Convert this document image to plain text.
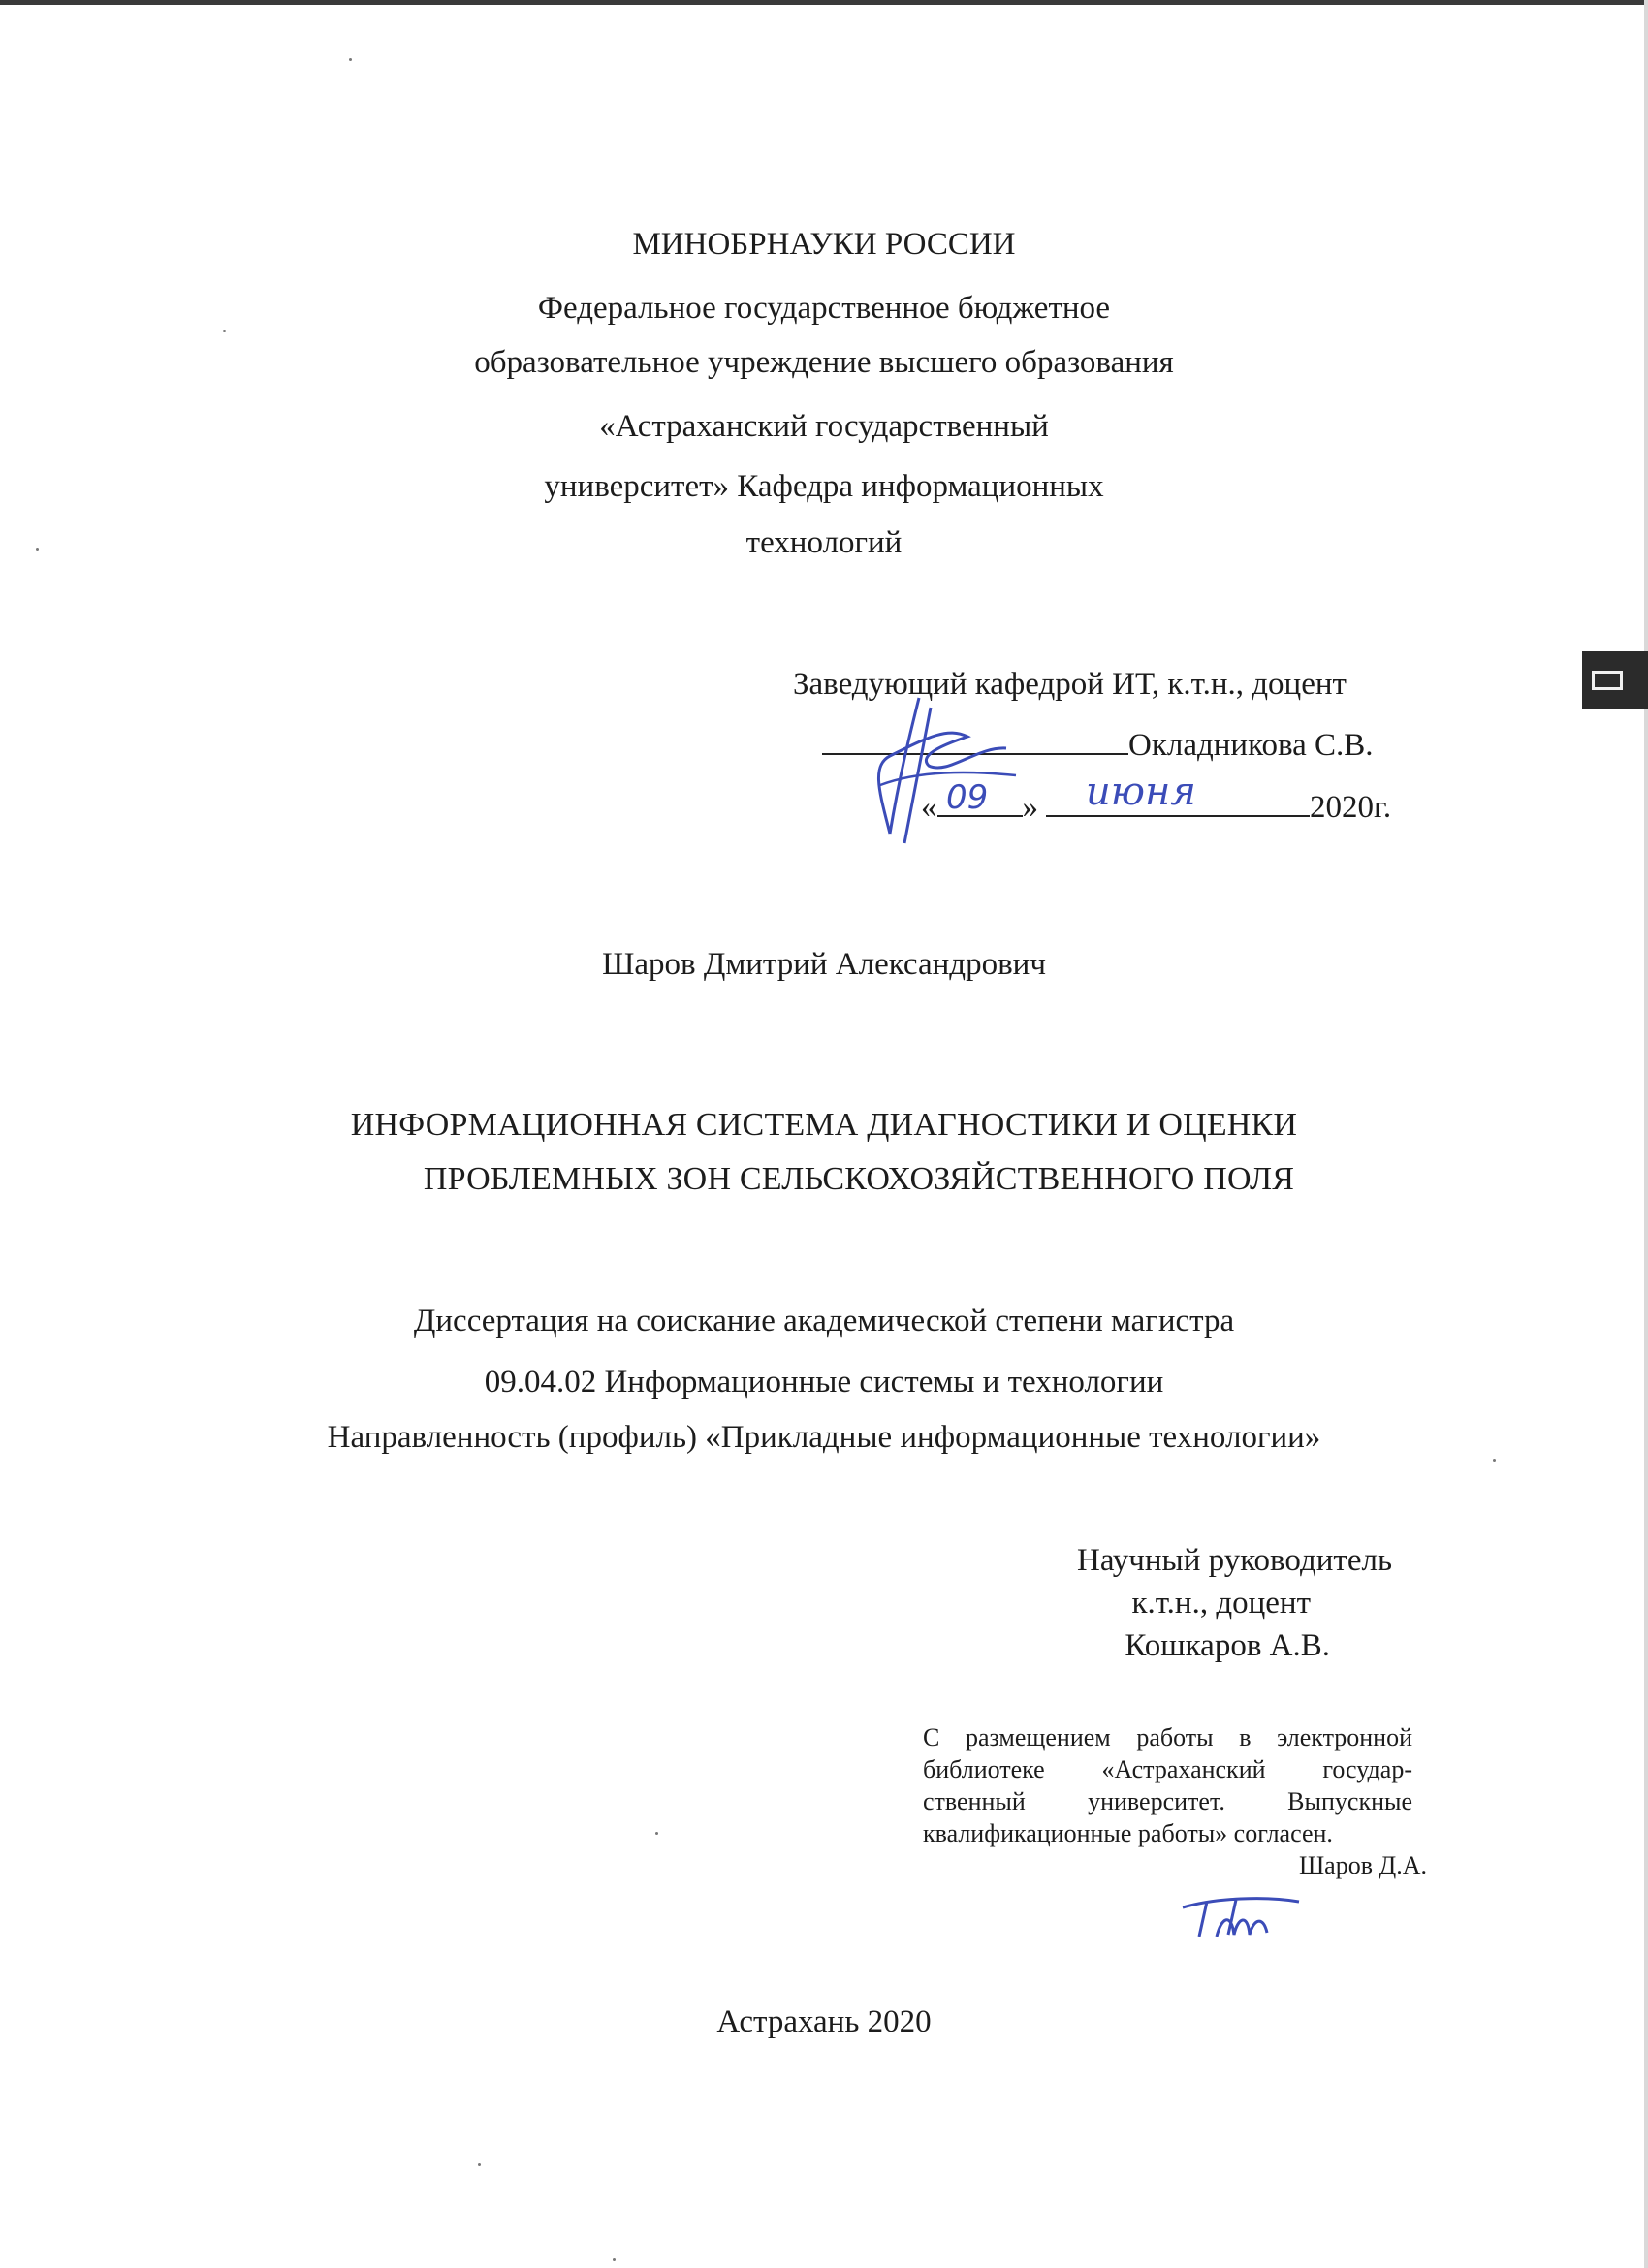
МИНОБРНАУКИ РОССИИ
Федеральное государственное бюджетное
образовательное учреждение высшего образования
«Астраханский государственный
университет» Кафедра информационных
технологий
Заведующий кафедрой ИТ, к.т.н., доцент
Окладникова С.В.
«	»	2020г.
09	июня
Шаров Дмитрий Александрович
ИНФОРМАЦИОННАЯ СИСТЕМА ДИАГНОСТИКИ И ОЦЕНКИ
ПРОБЛЕМНЫХ ЗОН СЕЛЬСКОХОЗЯЙСТВЕННОГО ПОЛЯ
Диссертация на соискание академической степени магистра
09.04.02 Информационные системы и технологии
Направленность (профиль) «Прикладные информационные технологии»
Научный руководитель
к.т.н., доцент
Кошкаров А.В.
С размещением работы в электронной библиотеке «Астраханский государ-ственный университет. Выпускные квалификационные работы» согласен.
Шаров Д.А.
Астрахань 2020
